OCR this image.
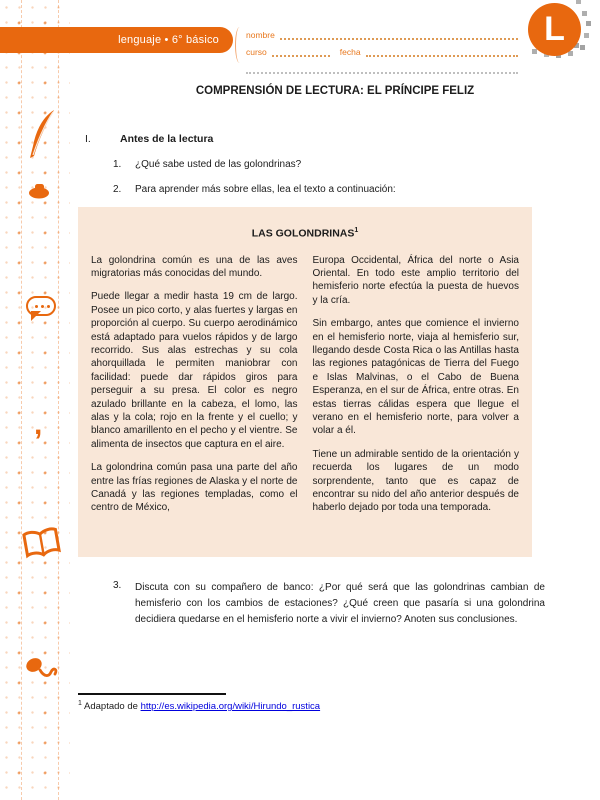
,
lenguaje • 6° básico	nombre
curso	fecha
L
COMPRENSIÓN DE LECTURA: EL PRÍNCIPE FELIZ
I.	Antes de la lectura
1.	¿Qué sabe usted de las golondrinas?
2.	Para aprender más sobre ellas, lea el texto a continuación:
LAS GOLONDRINAS$^1$

La golondrina común es una de las aves migratorias más conocidas del mundo.

Puede llegar a medir hasta 19 cm de largo. Posee un pico corto, y alas fuertes y largas en proporción al cuerpo. Su cuerpo aerodinámico está adaptado para vuelos rápidos y de largo recorrido. Sus alas estrechas y su cola ahorquillada le permiten maniobrar con facilidad: puede dar rápidos giros para perseguir a su presa. El color es negro azulado brillante en la cabeza, el lomo, las alas y la cola; rojo en la frente y el cuello; y blanco amarillento en el pecho y el vientre. Se alimenta de insectos que captura en el aire.

La golondrina común pasa una parte del año entre las frías regiones de Alaska y el norte de Canadá y las regiones templadas, como el centro de México,

Europa Occidental, África del norte o Asia Oriental. En todo este amplio territorio del hemisferio norte efectúa la puesta de huevos y la cría.

Sin embargo, antes que comience el invierno en el hemisferio norte, viaja al hemisferio sur, llegando desde Costa Rica o las Antillas hasta las regiones patagónicas de Tierra del Fuego e Islas Malvinas, o el Cabo de Buena Esperanza, en el sur de África, entre otras. En estas tierras cálidas espera que llegue el verano en el hemisferio norte, para volver a volar a él.

Tiene un admirable sentido de la orientación y recuerda los lugares de un modo sorprendente, tanto que es capaz de encontrar su nido del año anterior después de haberlo dejado por toda una temporada.

3.	Discuta con su compañero de banco: ¿Por qué será que las golondrinas cambian de hemisferio con los cambios de estaciones? ¿Qué creen que pasaría si una golondrina decidiera quedarse en el hemisferio norte a vivir el invierno? Anoten sus conclusiones.
$^1$ Adaptado de http://es.wikipedia.org/wiki/Hirundo_rustica
